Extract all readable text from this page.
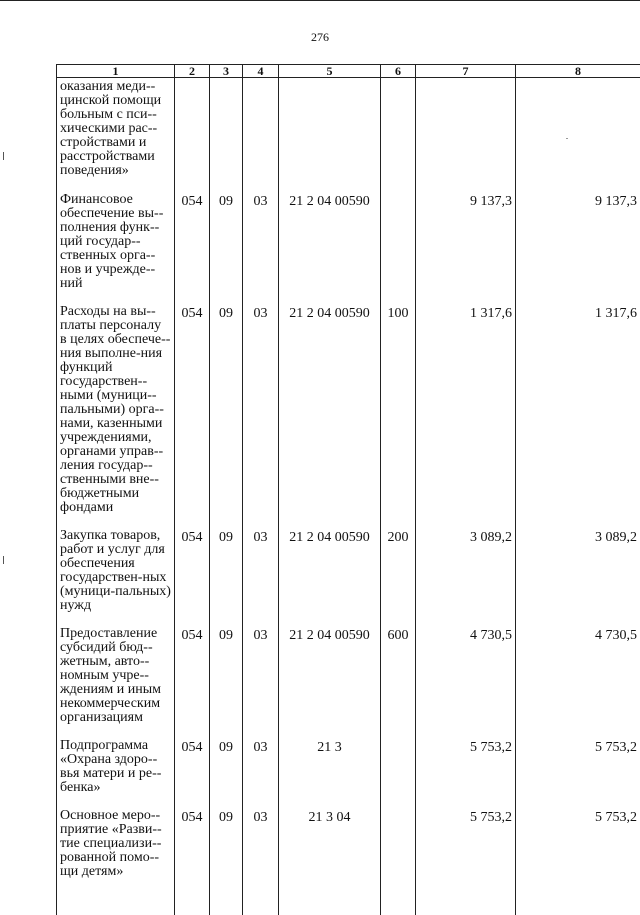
276
1	2	3	4	5	6	7	8
оказания меди-цинской помощи больным с пси-хическими рас-стройствами и расстройствами поведения»							
Финансовое обеспечение вы-полнения функ-ций государ-ственных орга-нов и учрежде-ний	054	09	03	21 2 04 00590		9 137,3	9 137,3
Расходы на вы-платы персоналу в целях обеспече-ния выполне-ния функций государствен-ными (муници-пальными) орга-нами, казенными учреждениями, органами управ-ления государ-ственными вне-бюджетными фондами	054	09	03	21 2 04 00590	100	1 317,6	1 317,6
Закупка товаров, работ и услуг для обеспечения государствен-ных (муници-пальных) нужд	054	09	03	21 2 04 00590	200	3 089,2	3 089,2
Предоставление субсидий бюд-жетным, авто-номным учре-ждениям и иным некоммерческим организациям	054	09	03	21 2 04 00590	600	4 730,5	4 730,5
Подпрограмма «Охрана здоро-вья матери и ре-бенка»	054	09	03	21 3		5 753,2	5 753,2
Основное меро-приятие «Разви-тие специализи-рованной помо-щи детям»	054	09	03	21 3 04		5 753,2	5 753,2
